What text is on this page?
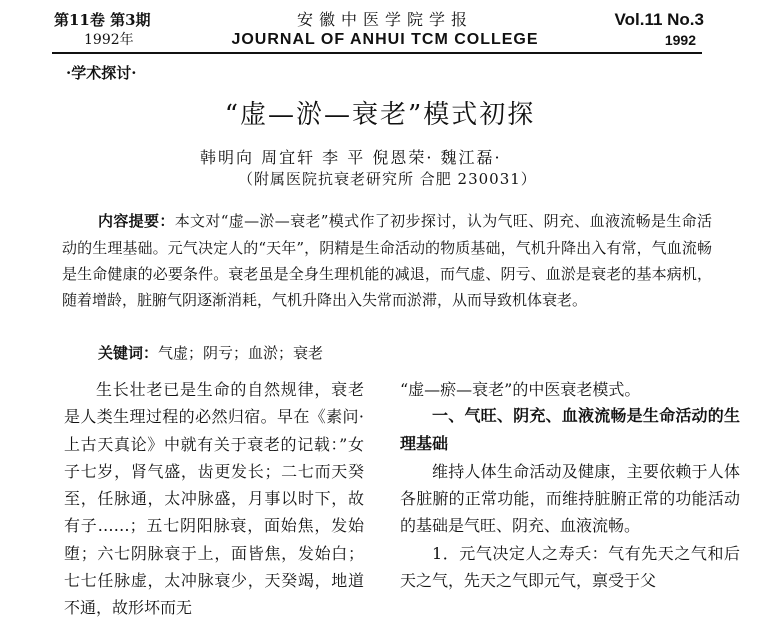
第11卷 第3期
1992年
安徽中医学院学报
JOURNAL OF ANHUI TCM COLLEGE
Vol.11 No.3
1992
·学术探讨·
“虚—淤—衰老”模式初探
韩明向 周宜轩 李 平 倪恩荣· 魏江磊·
（附属医院抗衰老研究所 合肥 230031）
内容提要：本文对“虚—淤—衰老”模式作了初步探讨，认为气旺、阴充、血液流畅是生命活动的生理基础。元气决定人的“天年”，阴精是生命活动的物质基础，气机升降出入有常，气血流畅是生命健康的必要条件。衰老虽是全身生理机能的减退，而气虚、阴亏、血淤是衰老的基本病机，随着增龄，脏腑气阴逐渐消耗，气机升降出入失常而淤滞，从而导致机体衰老。
关键词：气虚；阴亏；血淤；衰老

生长壮老已是生命的自然规律，衰老是人类生理过程的必然归宿。早在《素问·上古天真论》中就有关于衰老的记载：”女子七岁，肾气盛，齿更发长；二七而天癸至，任脉通，太冲脉盛，月事以时下，故有子……；五七阴阳脉衰，面始焦，发始堕；六七阴脉衰于上，面皆焦，发始白；七七任脉虚，太冲脉衰少，天癸竭，地道不通，故形坏而无

“虚—瘀—衰老”的中医衰老模式。

一、气旺、阴充、血液流畅是生命活动的生理基础

维持人体生命活动及健康，主要依赖于人体各脏腑的正常功能，而维持脏腑正常的功能活动的基础是气旺、阴充、血液流畅。

1．元气决定人之寿夭：气有先天之气和后天之气，先天之气即元气，禀受于父
